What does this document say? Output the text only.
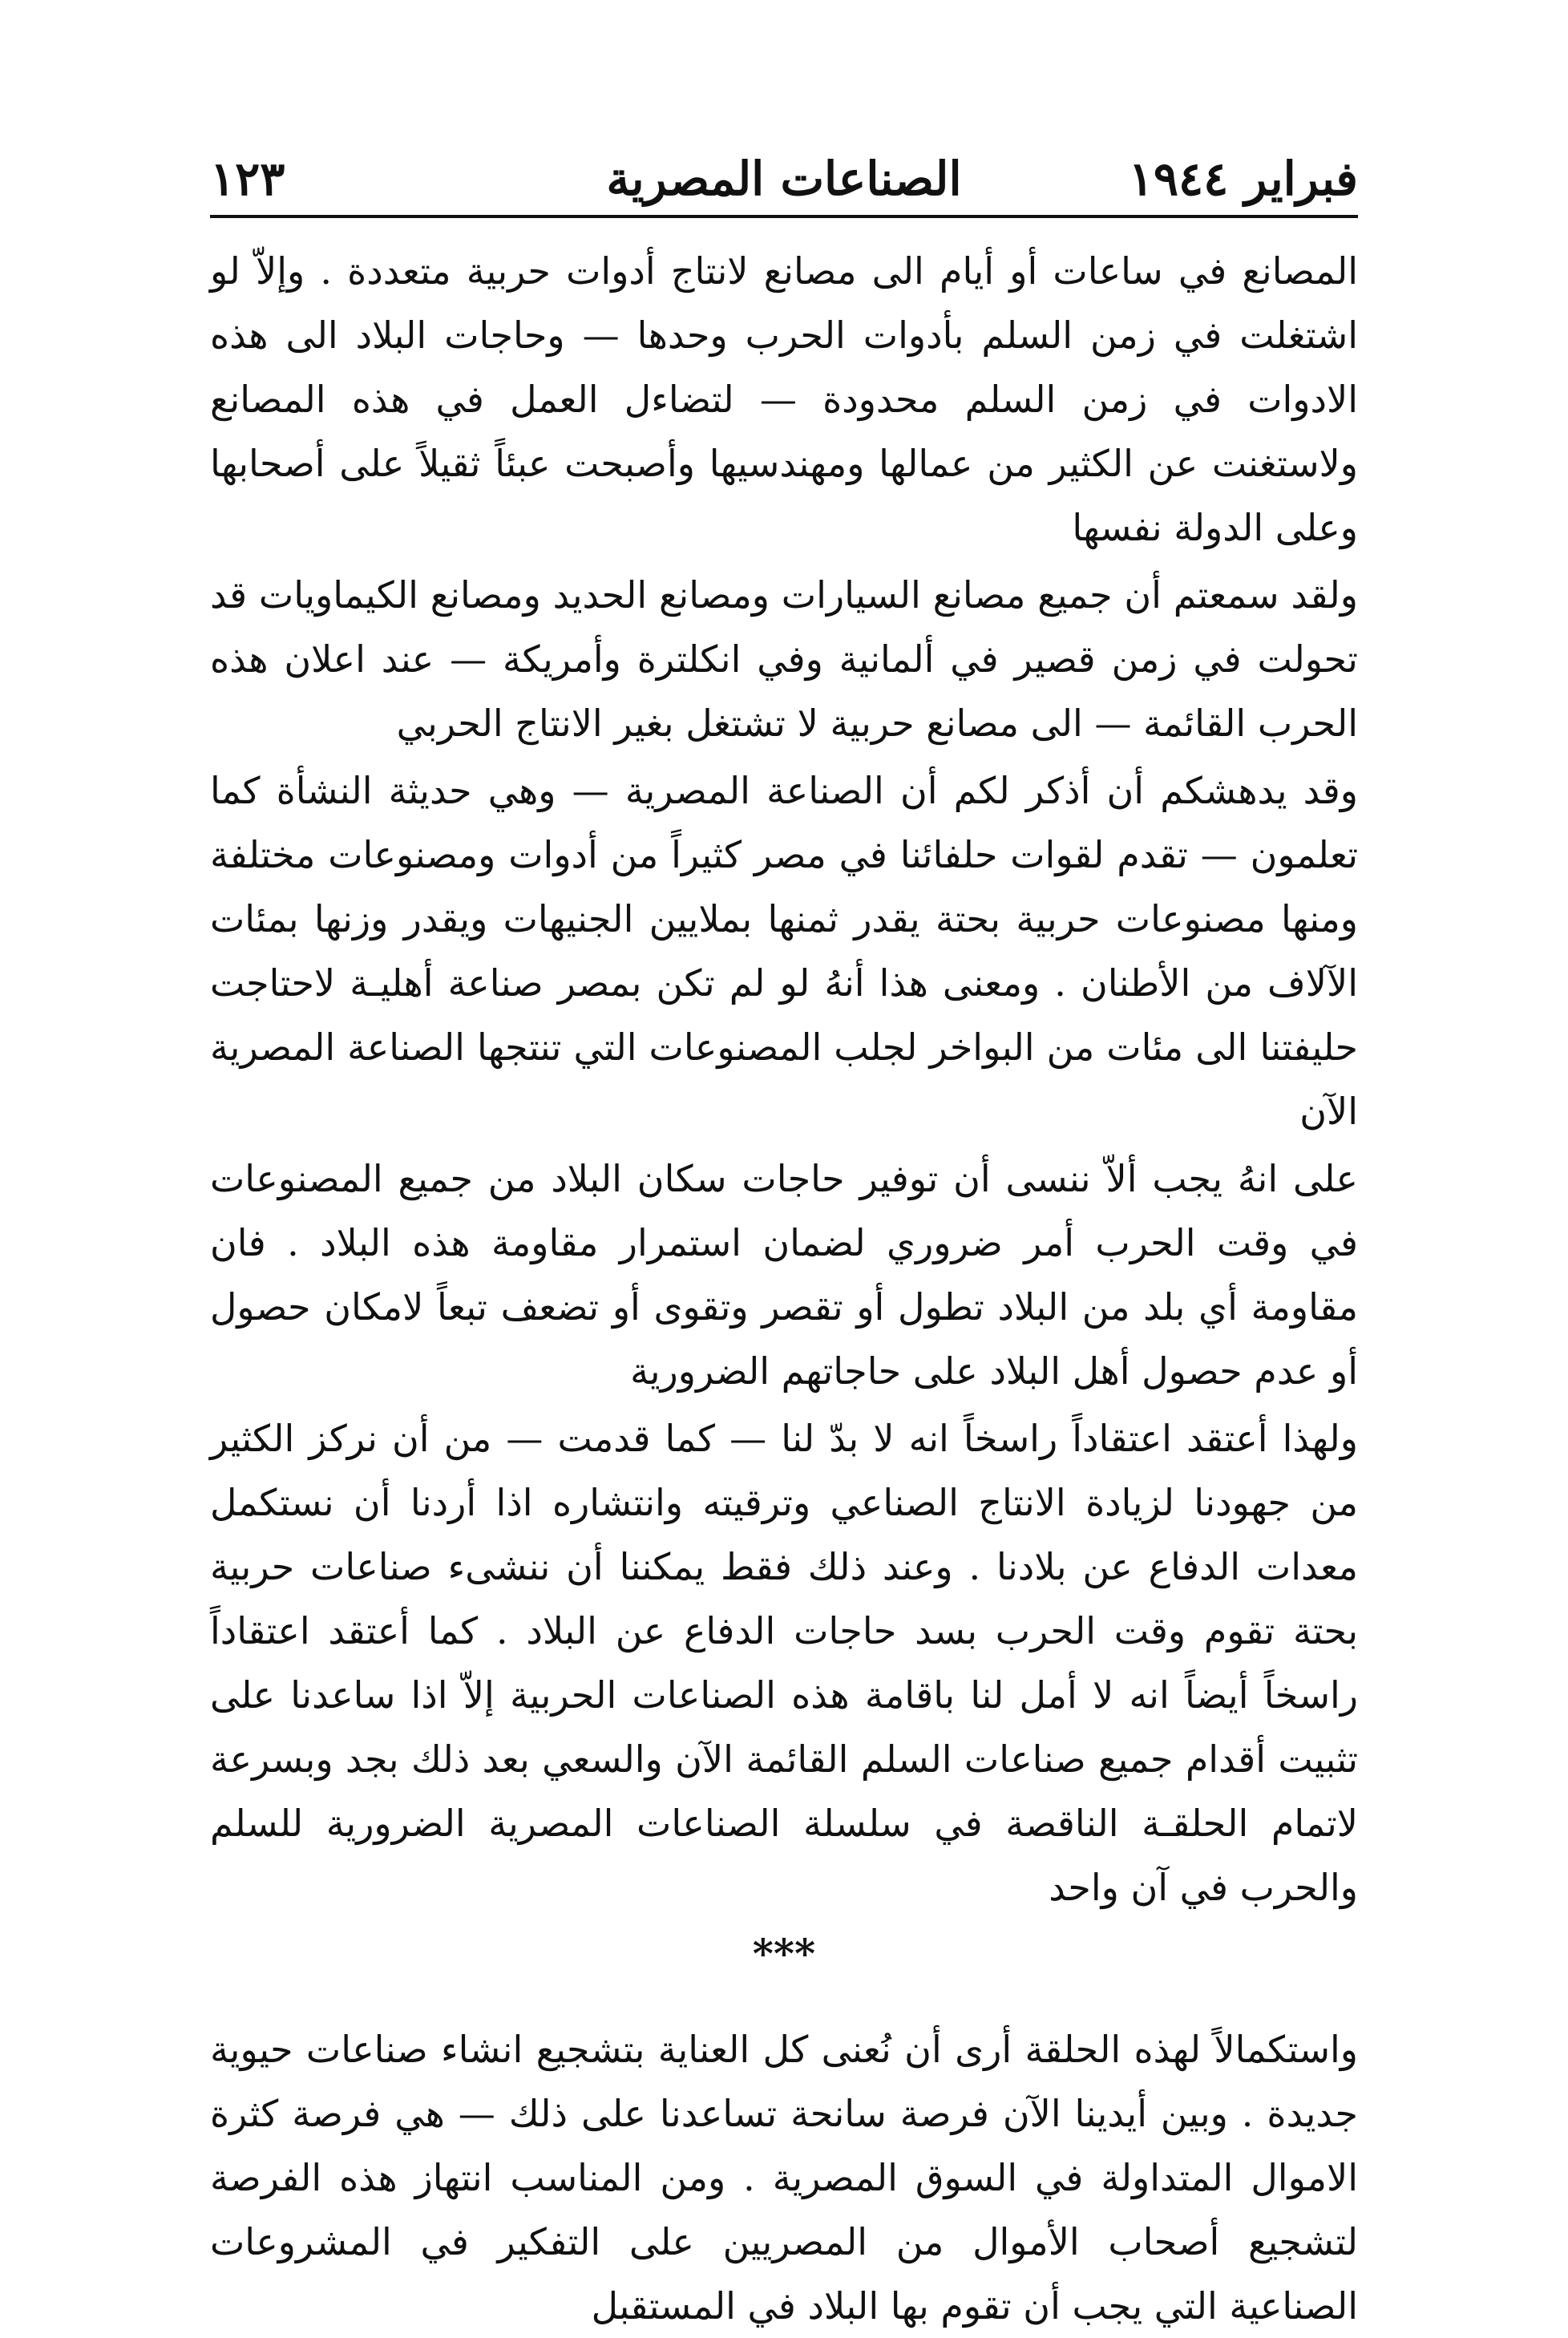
فبراير ١٩٤٤
الصناعات المصرية
١٢٣

المصانع في ساعات أو أيام الى مصانع لانتاج أدوات حربية متعددة . وإلاّ لو اشتغلت في زمن السلم بأدوات الحرب وحدها — وحاجات البلاد الى هذه الادوات في زمن السلم محدودة — لتضاءل العمل في هذه المصانع ولاستغنت عن الكثير من عمالها ومهندسيها وأصبحت عبئاً ثقيلاً على أصحابها وعلى الدولة نفسها

ولقد سمعتم أن جميع مصانع السيارات ومصانع الحديد ومصانع الكيماويات قد تحولت في زمن قصير في ألمانية وفي انكلترة وأمريكة — عند اعلان هذه الحرب القائمة — الى مصانع حربية لا تشتغل بغير الانتاج الحربي

وقد يدهشكم أن أذكر لكم أن الصناعة المصرية — وهي حديثة النشأة كما تعلمون — تقدم لقوات حلفائنا في مصر كثيراً من أدوات ومصنوعات مختلفة ومنها مصنوعات حربية بحتة يقدر ثمنها بملايين الجنيهات ويقدر وزنها بمئات الآلاف من الأطنان . ومعنى هذا أنهُ لو لم تكن بمصر صناعة أهليـة لاحتاجت حليفتنا الى مئات من البواخر لجلب المصنوعات التي تنتجها الصناعة المصرية الآن

على انهُ يجب ألاّ ننسى أن توفير حاجات سكان البلاد من جميع المصنوعات في وقت الحرب أمر ضروري لضمان استمرار مقاومة هذه البلاد . فان مقاومة أي بلد من البلاد تطول أو تقصر وتقوى أو تضعف تبعاً لامكان حصول أو عدم حصول أهل البلاد على حاجاتهم الضرورية

ولهذا أعتقد اعتقاداً راسخاً انه لا بدّ لنا — كما قدمت — من أن نركز الكثير من جهودنا لزيادة الانتاج الصناعي وترقيته وانتشاره اذا أردنا أن نستكمل معدات الدفاع عن بلادنا . وعند ذلك فقط يمكننا أن ننشىء صناعات حربية بحتة تقوم وقت الحرب بسد حاجات الدفاع عن البلاد . كما أعتقد اعتقاداً راسخاً أيضاً انه لا أمل لنا باقامة هذه الصناعات الحربية إلاّ اذا ساعدنا على تثبيت أقدام جميع صناعات السلم القائمة الآن والسعي بعد ذلك بجد وبسرعة لاتمام الحلقـة الناقصة في سلسلة الصناعات المصرية الضرورية للسلم والحرب في آن واحد

***

واستكمالاً لهذه الحلقة أرى أن نُعنى كل العناية بتشجيع انشاء صناعات حيوية جديدة . وبين أيدينا الآن فرصة سانحة تساعدنا على ذلك — هي فرصة كثرة الاموال المتداولة في السوق المصرية . ومن المناسب انتهاز هذه الفرصة لتشجيع أصحاب الأموال من المصريين على التفكير في المشروعات الصناعية التي يجب أن تقوم بها البلاد في المستقبل
